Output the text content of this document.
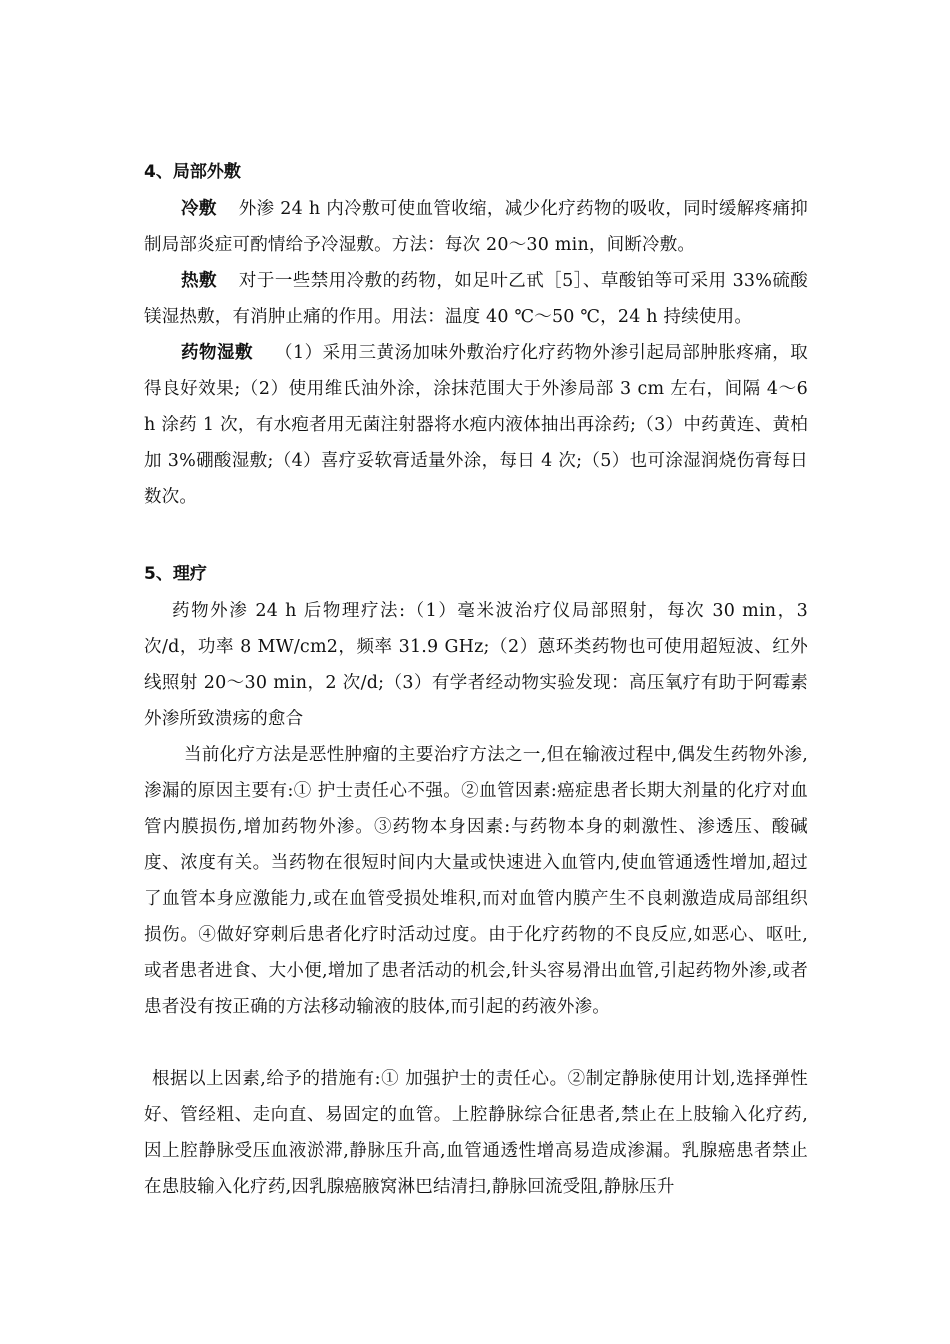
4、局部外敷

冷敷 外渗 24 h 内冷敷可使血管收缩，减少化疗药物的吸收，同时缓解疼痛抑制局部炎症可酌情给予冷湿敷。方法：每次 20～30 min，间断冷敷。

热敷 对于一些禁用冷敷的药物，如足叶乙甙［5］、草酸铂等可采用 33%硫酸镁湿热敷，有消肿止痛的作用。用法：温度 40 ℃～50 ℃，24 h 持续使用。

药物湿敷 （1）采用三黄汤加味外敷治疗化疗药物外渗引起局部肿胀疼痛，取得良好效果;（2）使用维氏油外涂，涂抹范围大于外渗局部 3 cm 左右，间隔 4～6 h 涂药 1 次，有水疱者用无菌注射器将水疱内液体抽出再涂药;（3）中药黄连、黄柏加 3%硼酸湿敷;（4）喜疗妥软膏适量外涂，每日 4 次;（5）也可涂湿润烧伤膏每日数次。

5、理疗

药物外渗 24 h 后物理疗法:（1）毫米波治疗仪局部照射，每次 30 min，3 次/d，功率 8 MW/cm2，频率 31.9 GHz;（2）蒽环类药物也可使用超短波、红外线照射 20～30 min，2 次/d;（3）有学者经动物实验发现：高压氧疗有助于阿霉素外渗所致溃疡的愈合

当前化疗方法是恶性肿瘤的主要治疗方法之一,但在输液过程中,偶发生药物外渗,渗漏的原因主要有:① 护士责任心不强。②血管因素:癌症患者长期大剂量的化疗对血管内膜损伤,增加药物外渗。③药物本身因素:与药物本身的刺激性、渗透压、酸碱度、浓度有关。当药物在很短时间内大量或快速进入血管内,使血管通透性增加,超过了血管本身应激能力,或在血管受损处堆积,而对血管内膜产生不良刺激造成局部组织损伤。④做好穿刺后患者化疗时活动过度。由于化疗药物的不良反应,如恶心、呕吐,或者患者进食、大小便,增加了患者活动的机会,针头容易滑出血管,引起药物外渗,或者患者没有按正确的方法移动输液的肢体,而引起的药液外渗。

根据以上因素,给予的措施有:① 加强护士的责任心。②制定静脉使用计划,选择弹性好、管经粗、走向直、易固定的血管。上腔静脉综合征患者,禁止在上肢输入化疗药,因上腔静脉受压血液淤滞,静脉压升高,血管通透性增高易造成渗漏。乳腺癌患者禁止在患肢输入化疗药,因乳腺癌腋窝淋巴结清扫,静脉回流受阻,静脉压升
